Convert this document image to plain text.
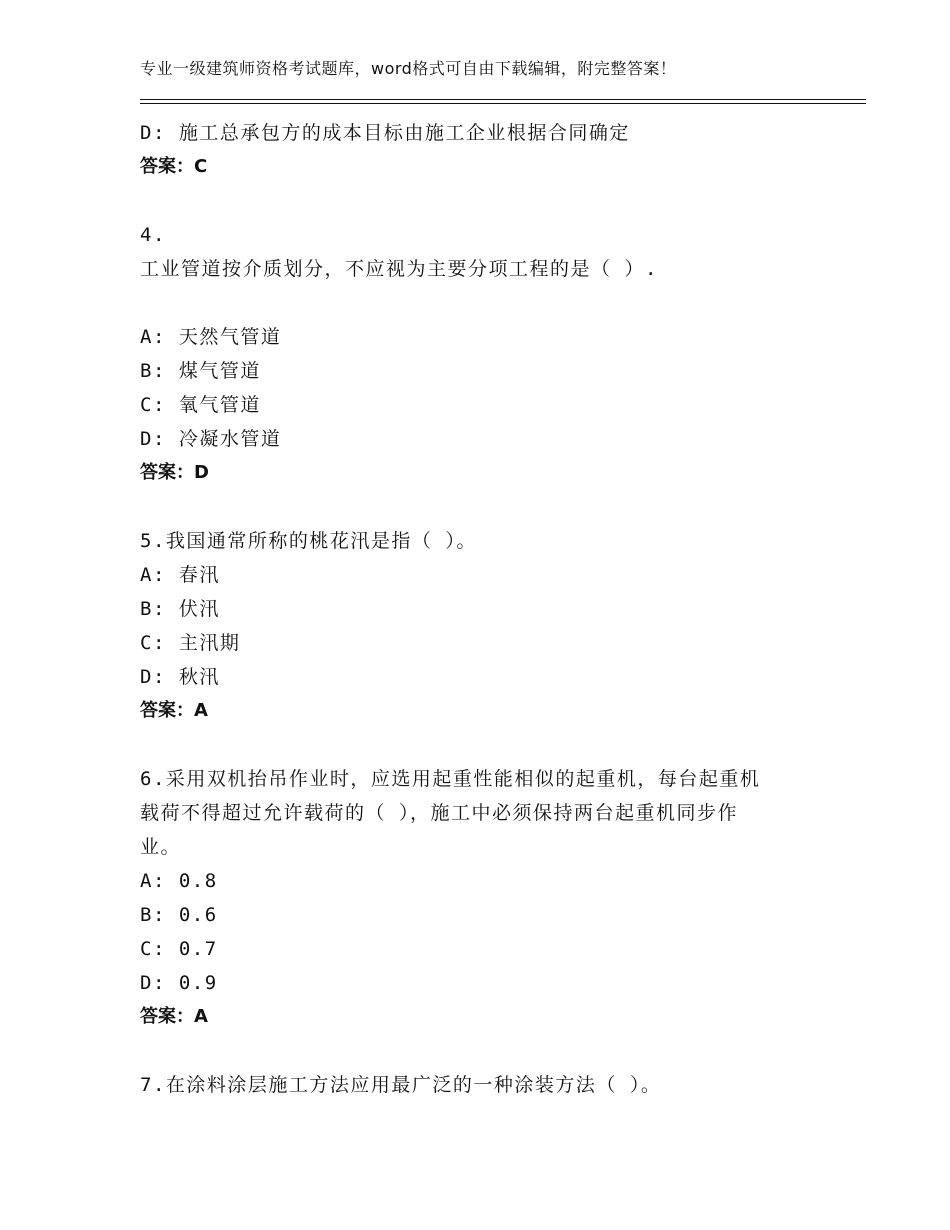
专业一级建筑师资格考试题库，word格式可自由下载编辑，附完整答案！
D: 施工总承包方的成本目标由施工企业根据合同确定
答案：C
4.
工业管道按介质划分，不应视为主要分项工程的是（ ）.
A: 天然气管道
B: 煤气管道
C: 氧气管道
D: 冷凝水管道
答案：D
5.我国通常所称的桃花汛是指（ ）。
A: 春汛
B: 伏汛
C: 主汛期
D: 秋汛
答案：A
6.采用双机抬吊作业时，应选用起重性能相似的起重机，每台起重机
载荷不得超过允许载荷的（ ），施工中必须保持两台起重机同步作
业。
A: 0.8
B: 0.6
C: 0.7
D: 0.9
答案：A
7.在涂料涂层施工方法应用最广泛的一种涂装方法（ ）。
